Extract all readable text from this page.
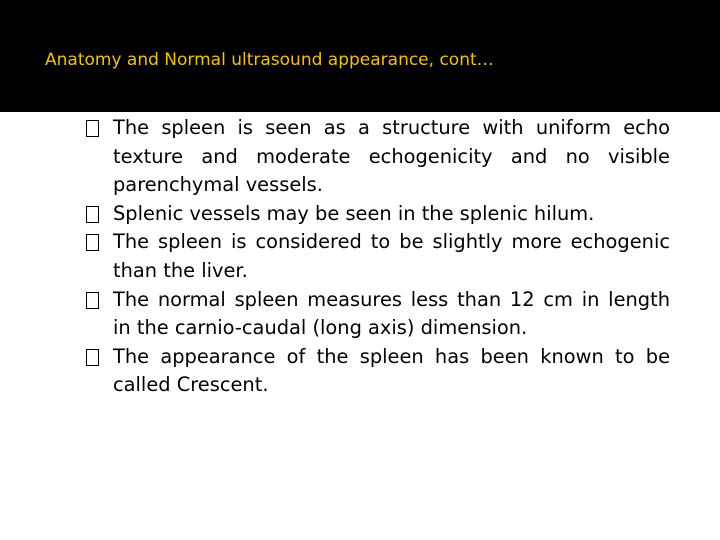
Anatomy and Normal ultrasound appearance, cont…
The spleen is seen as a structure with uniform echo texture and moderate echogenicity and no visible parenchymal vessels.
Splenic vessels may be seen in the splenic hilum.
The spleen is considered to be slightly more echogenic than the liver.
The normal spleen measures less than 12 cm in length in the carnio-caudal (long axis) dimension.
The appearance of the spleen has been known to be called Crescent.
